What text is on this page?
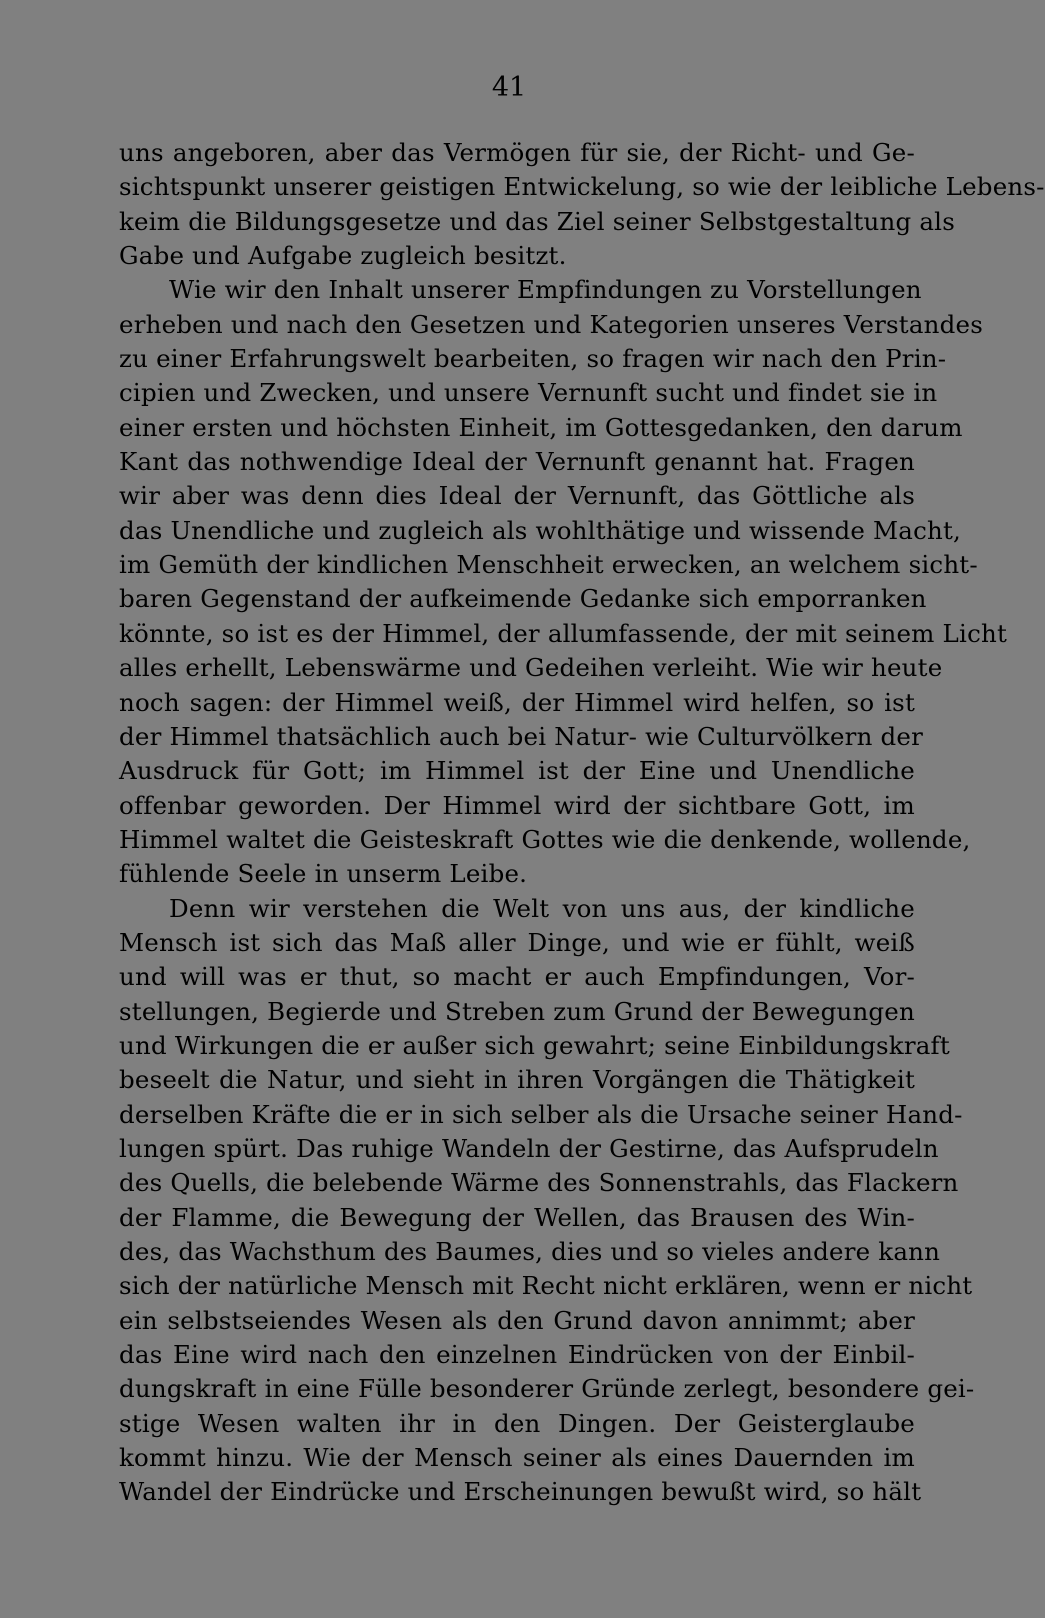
41
uns angeboren, aber das Vermögen für sie, der Richt- und Ge-
sichtspunkt unserer geistigen Entwickelung, so wie der leibliche Lebens-
keim die Bildungsgesetze und das Ziel seiner Selbstgestaltung als
Gabe und Aufgabe zugleich besitzt.
Wie wir den Inhalt unserer Empfindungen zu Vorstellungen
erheben und nach den Gesetzen und Kategorien unseres Verstandes
zu einer Erfahrungswelt bearbeiten, so fragen wir nach den Prin-
cipien und Zwecken, und unsere Vernunft sucht und findet sie in
einer ersten und höchsten Einheit, im Gottesgedanken, den darum
Kant das nothwendige Ideal der Vernunft genannt hat. Fragen
wir aber was denn dies Ideal der Vernunft, das Göttliche als
das Unendliche und zugleich als wohlthätige und wissende Macht,
im Gemüth der kindlichen Menschheit erwecken, an welchem sicht-
baren Gegenstand der aufkeimende Gedanke sich emporranken
könnte, so ist es der Himmel, der allumfassende, der mit seinem Licht
alles erhellt, Lebenswärme und Gedeihen verleiht. Wie wir heute
noch sagen: der Himmel weiß, der Himmel wird helfen, so ist
der Himmel thatsächlich auch bei Natur- wie Culturvölkern der
Ausdruck für Gott; im Himmel ist der Eine und Unendliche
offenbar geworden. Der Himmel wird der sichtbare Gott, im
Himmel waltet die Geisteskraft Gottes wie die denkende, wollende,
fühlende Seele in unserm Leibe.
Denn wir verstehen die Welt von uns aus, der kindliche
Mensch ist sich das Maß aller Dinge, und wie er fühlt, weiß
und will was er thut, so macht er auch Empfindungen, Vor-
stellungen, Begierde und Streben zum Grund der Bewegungen
und Wirkungen die er außer sich gewahrt; seine Einbildungskraft
beseelt die Natur, und sieht in ihren Vorgängen die Thätigkeit
derselben Kräfte die er in sich selber als die Ursache seiner Hand-
lungen spürt. Das ruhige Wandeln der Gestirne, das Aufsprudeln
des Quells, die belebende Wärme des Sonnenstrahls, das Flackern
der Flamme, die Bewegung der Wellen, das Brausen des Win-
des, das Wachsthum des Baumes, dies und so vieles andere kann
sich der natürliche Mensch mit Recht nicht erklären, wenn er nicht
ein selbstseiendes Wesen als den Grund davon annimmt; aber
das Eine wird nach den einzelnen Eindrücken von der Einbil-
dungskraft in eine Fülle besonderer Gründe zerlegt, besondere gei-
stige Wesen walten ihr in den Dingen. Der Geisterglaube
kommt hinzu. Wie der Mensch seiner als eines Dauernden im
Wandel der Eindrücke und Erscheinungen bewußt wird, so hält
